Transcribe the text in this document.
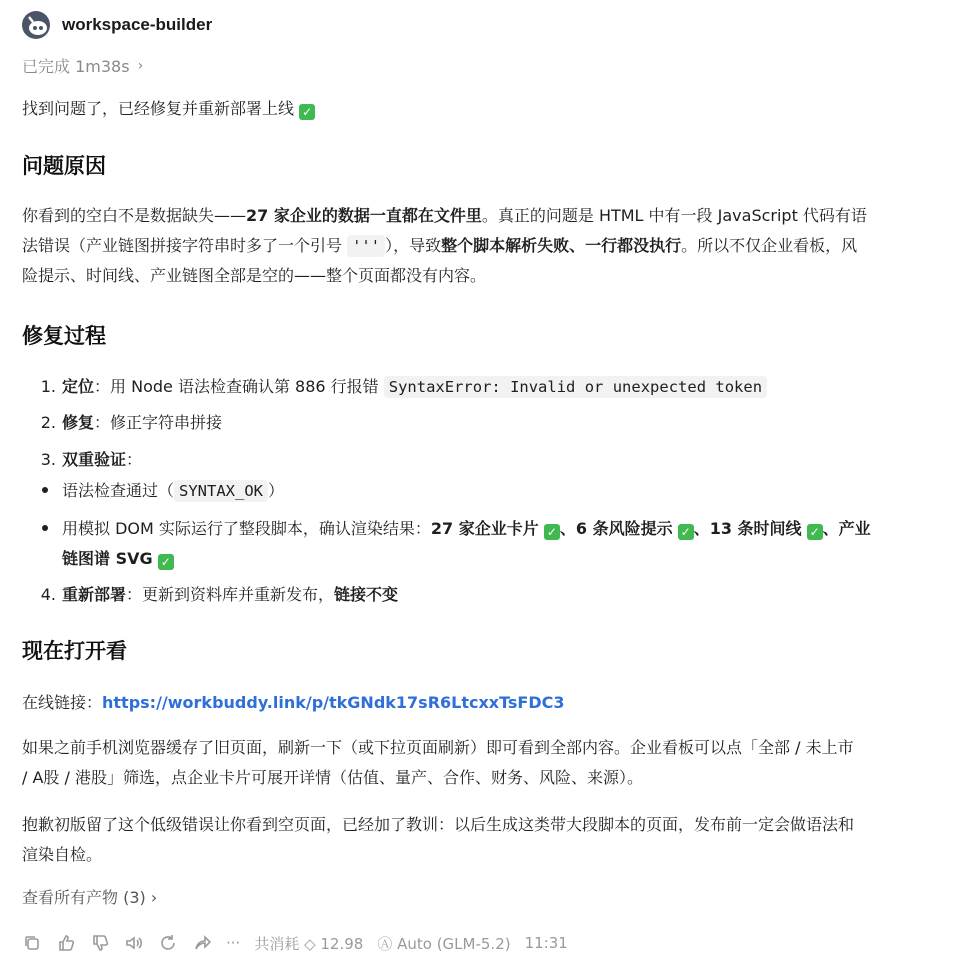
workspace-builder
已完成 1m38s ›

找到问题了，已经修复并重新部署上线 ✓

问题原因
你看到的空白不是数据缺失——27 家企业的数据一直都在文件里。真正的问题是 HTML 中有一段 JavaScript 代码有语
法错误（产业链图拼接字符串时多了一个引号 ''' ），导致整个脚本解析失败、一行都没执行。所以不仅企业看板，风
险提示、时间线、产业链图全部是空的——整个页面都没有内容。
修复过程
1. 定位：用 Node 语法检查确认第 886 行报错 SyntaxError: Invalid or unexpected token
2. 修复：修正字符串拼接
3. 双重验证：
语法检查通过（ SYNTAX_OK ）
用模拟 DOM 实际运行了整段脚本，确认渲染结果：27 家企业卡片 ✓ 、6 条风险提示 ✓ 、13 条时间线 ✓ 、产业
链图谱 SVG ✓
4. 重新部署：更新到资料库并重新发布，链接不变
现在打开看

在线链接：https://workbuddy.link/p/tkGNdk17sR6LtcxxTsFDC3

如果之前手机浏览器缓存了旧页面，刷新一下（或下拉页面刷新）即可看到全部内容。企业看板可以点「全部 / 未上市
/ A股 / 港股」筛选，点企业卡片可展开详情（估值、量产、合作、财务、风险、来源）。
抱歉初版留了这个低级错误让你看到空页面，已经加了教训：以后生成这类带大段脚本的页面，发布前一定会做语法和
渲染自检。
查看所有产物 (3) ›
··· 共消耗 ◇ 12.98 Ⓐ Auto (GLM-5.2) 11:31
